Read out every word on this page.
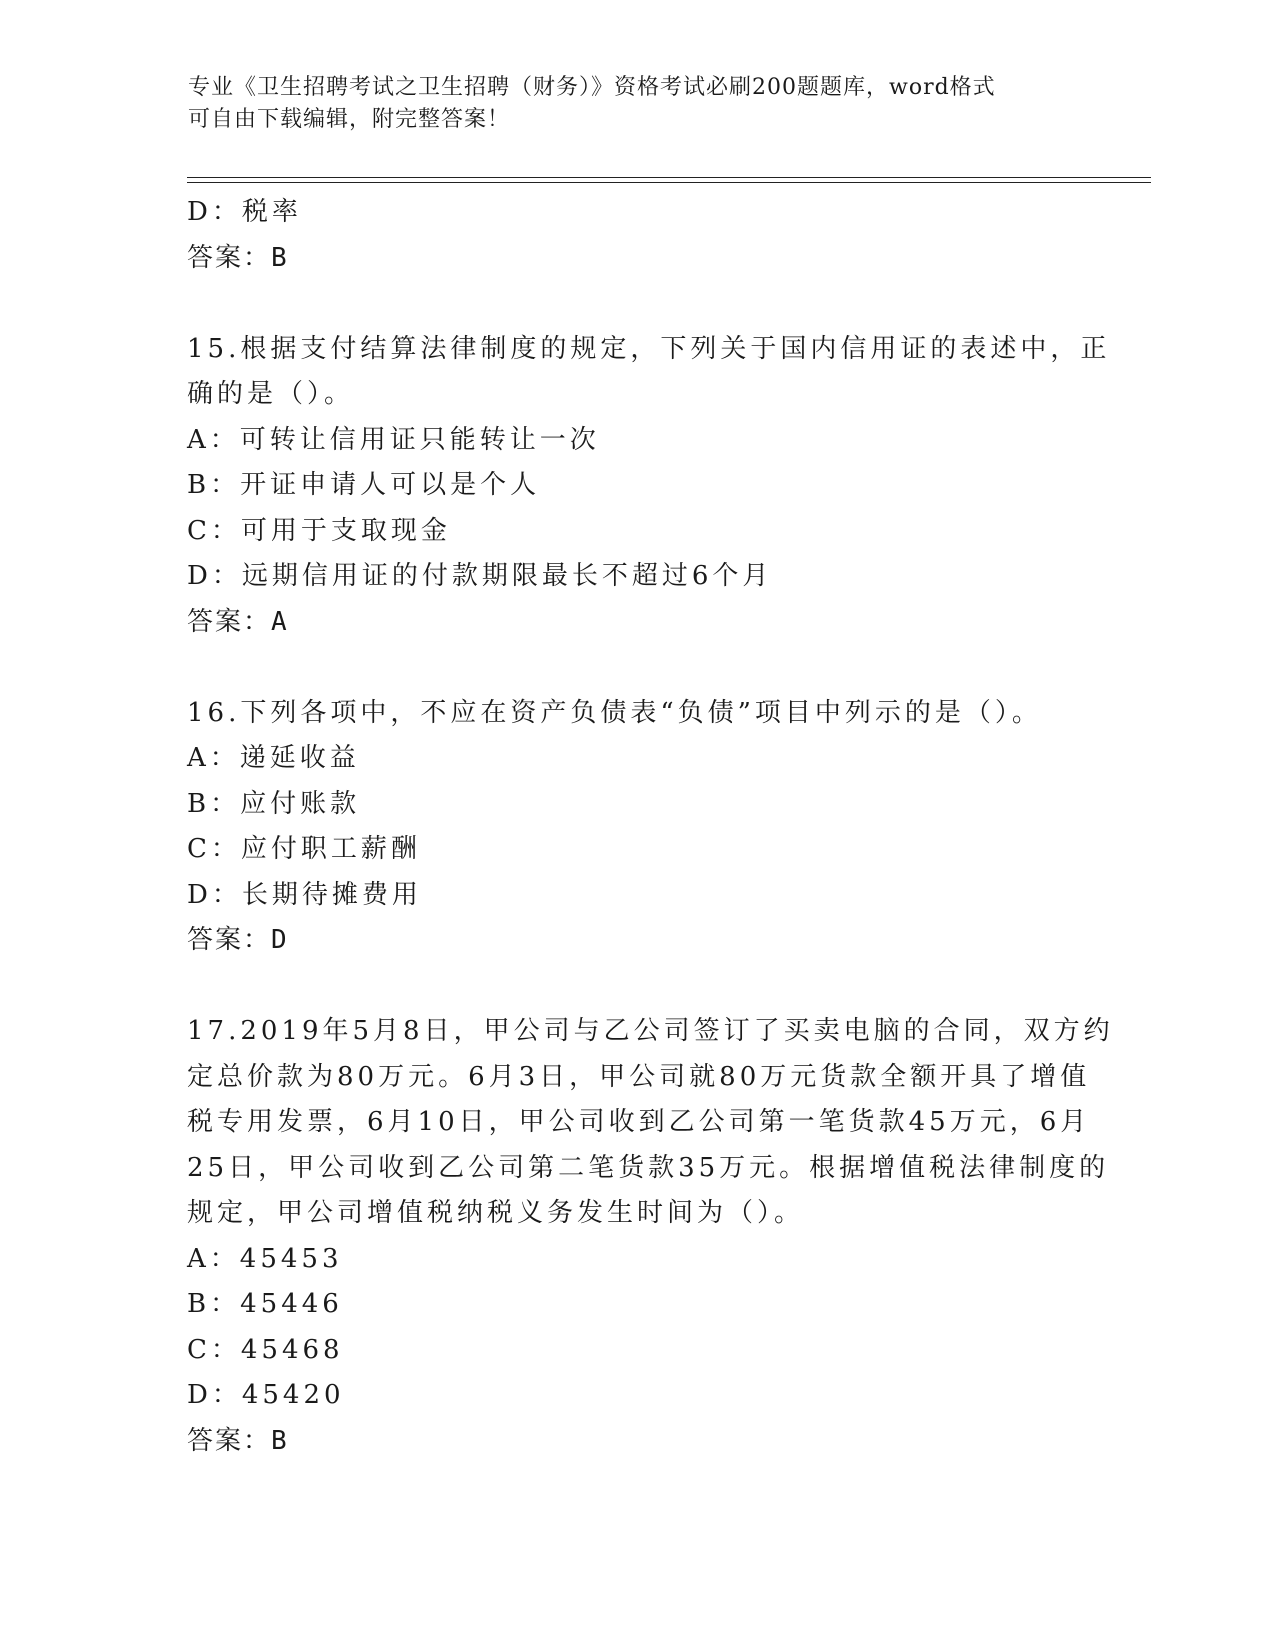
专业《卫生招聘考试之卫生招聘（财务）》资格考试必刷200题题库，word格式
可自由下载编辑，附完整答案！
D：税率
答案：B
15.根据支付结算法律制度的规定，下列关于国内信用证的表述中，正
确的是（）。
A：可转让信用证只能转让一次
B：开证申请人可以是个人
C：可用于支取现金
D：远期信用证的付款期限最长不超过6个月
答案：A
16.下列各项中，不应在资产负债表“负债”项目中列示的是（）。
A：递延收益
B：应付账款
C：应付职工薪酬
D：长期待摊费用
答案：D
17.2019年5月8日，甲公司与乙公司签订了买卖电脑的合同，双方约
定总价款为80万元。6月3日，甲公司就80万元货款全额开具了增值
税专用发票，6月10日，甲公司收到乙公司第一笔货款45万元，6月
25日，甲公司收到乙公司第二笔货款35万元。根据增值税法律制度的
规定，甲公司增值税纳税义务发生时间为（）。
A：45453
B：45446
C：45468
D：45420
答案：B
